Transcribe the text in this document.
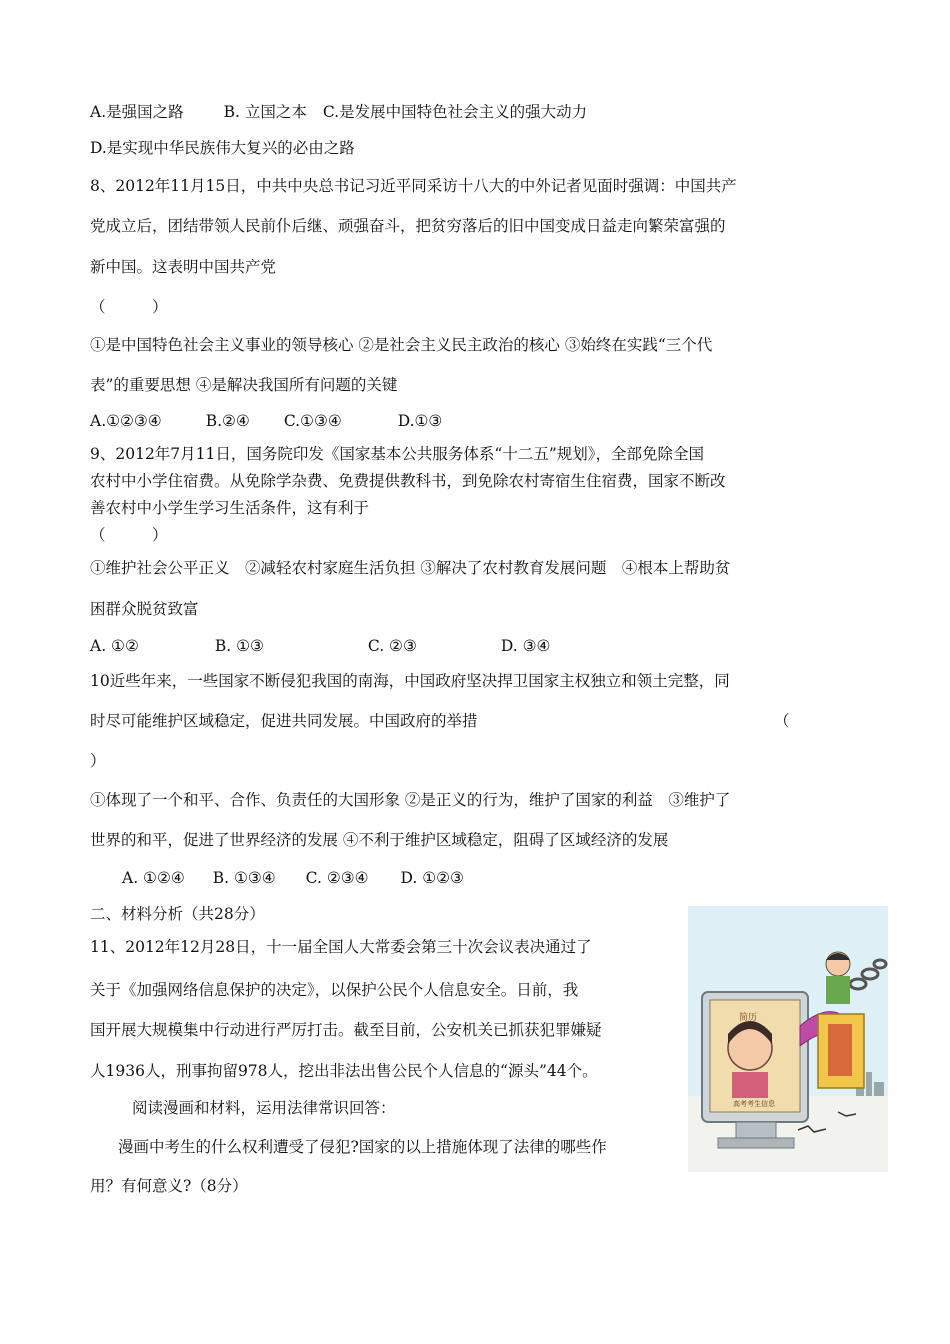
A.是强国之路	B. 立国之本 C.是发展中国特色社会主义的强大动力
D.是实现中华民族伟大复兴的必由之路
8、2012年11月15日，中共中央总书记习近平同采访十八大的中外记者见面时强调：中国共产
党成立后，团结带领人民前仆后继、顽强奋斗，把贫穷落后的旧中国变成日益走向繁荣富强的
新中国。这表明中国共产党
（　　　）
①是中国特色社会主义事业的领导核心 ②是社会主义民主政治的核心 ③始终在实践“三个代
表”的重要思想 ④是解决我国所有问题的关键
A.①②③④	B.②④ C.①③④	D.①③
9、2012年7月11日，国务院印发《国家基本公共服务体系“十二五”规划》，全部免除全国
农村中小学住宿费。从免除学杂费、免费提供教科书，到免除农村寄宿生住宿费，国家不断改
善农村中小学生学习生活条件，这有利于
（　　　）
①维护社会公平正义　②减轻农村家庭生活负担 ③解决了农村教育发展问题　④根本上帮助贫
困群众脱贫致富
A. ①②	B. ①③	C. ②③	D. ③④
10近些年来，一些国家不断侵犯我国的南海，中国政府坚决捍卫国家主权独立和领土完整，同
时尽可能维护区域稳定，促进共同发展。中国政府的举措	（
）
①体现了一个和平、合作、负责任的大国形象 ②是正义的行为，维护了国家的利益　③维护了
世界的和平，促进了世界经济的发展 ④不利于维护区域稳定，阻碍了区域经济的发展
A. ①②④ B. ①③④ C. ②③④ D. ①②③
二、材料分析（共28分）
11、2012年12月28日，十一届全国人大常委会第三十次会议表决通过了
关于《加强网络信息保护的决定》，以保护公民个人信息安全。日前，我
国开展大规模集中行动进行严厉打击。截至目前，公安机关已抓获犯罪嫌疑
人1936人，刑事拘留978人，挖出非法出售公民个人信息的“源头”44个。
阅读漫画和材料，运用法律常识回答：
漫画中考生的什么权利遭受了侵犯?国家的以上措施体现了法律的哪些作
用？有何意义?（8分）
简历
高考考生信息
